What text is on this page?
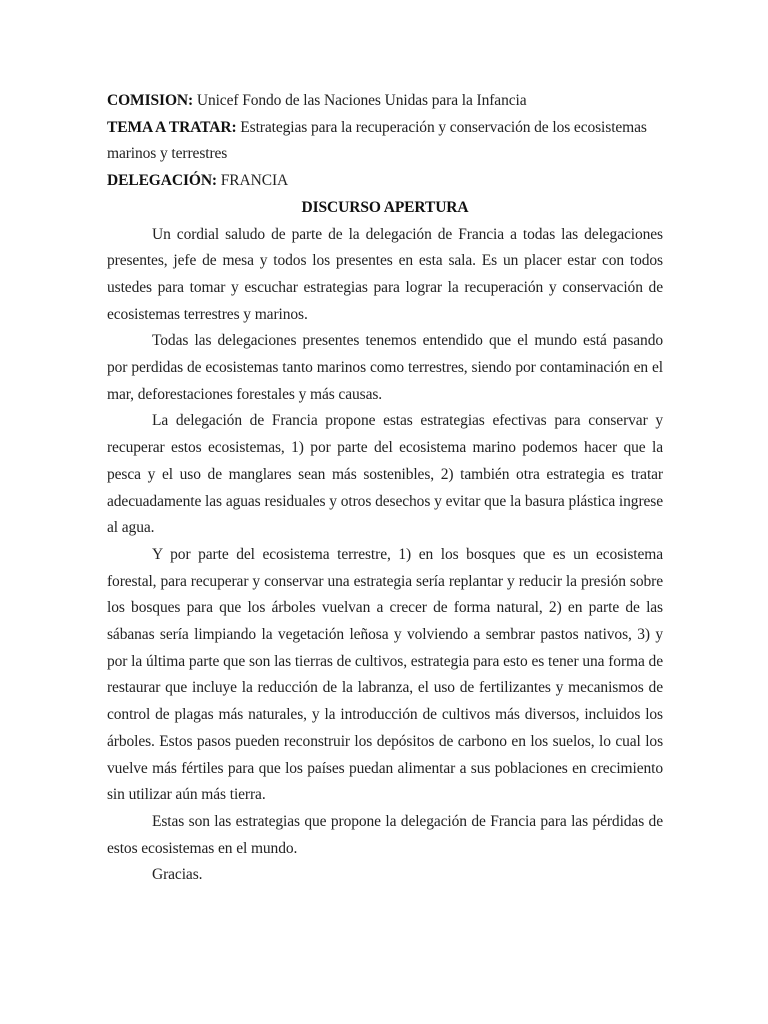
COMISION: Unicef Fondo de las Naciones Unidas para la Infancia

TEMA A TRATAR: Estrategias para la recuperación y conservación de los ecosistemas marinos y terrestres

DELEGACIÓN: FRANCIA

DISCURSO APERTURA

Un cordial saludo de parte de la delegación de Francia a todas las delegaciones presentes, jefe de mesa y todos los presentes en esta sala. Es un placer estar con todos ustedes para tomar y escuchar estrategias para lograr la recuperación y conservación de ecosistemas terrestres y marinos.

Todas las delegaciones presentes tenemos entendido que el mundo está pasando por perdidas de ecosistemas tanto marinos como terrestres, siendo por contaminación en el mar, deforestaciones forestales y más causas.

La delegación de Francia propone estas estrategias efectivas para conservar y recuperar estos ecosistemas, 1) por parte del ecosistema marino podemos hacer que la pesca y el uso de manglares sean más sostenibles, 2) también otra estrategia es tratar adecuadamente las aguas residuales y otros desechos y evitar que la basura plástica ingrese al agua.

Y por parte del ecosistema terrestre, 1) en los bosques que es un ecosistema forestal, para recuperar y conservar una estrategia sería replantar y reducir la presión sobre los bosques para que los árboles vuelvan a crecer de forma natural, 2) en parte de las sábanas sería limpiando la vegetación leñosa y volviendo a sembrar pastos nativos, 3) y por la última parte que son las tierras de cultivos, estrategia para esto es tener una forma de restaurar que incluye la reducción de la labranza, el uso de fertilizantes y mecanismos de control de plagas más naturales, y la introducción de cultivos más diversos, incluidos los árboles. Estos pasos pueden reconstruir los depósitos de carbono en los suelos, lo cual los vuelve más fértiles para que los países puedan alimentar a sus poblaciones en crecimiento sin utilizar aún más tierra.

Estas son las estrategias que propone la delegación de Francia para las pérdidas de estos ecosistemas en el mundo.

Gracias.
